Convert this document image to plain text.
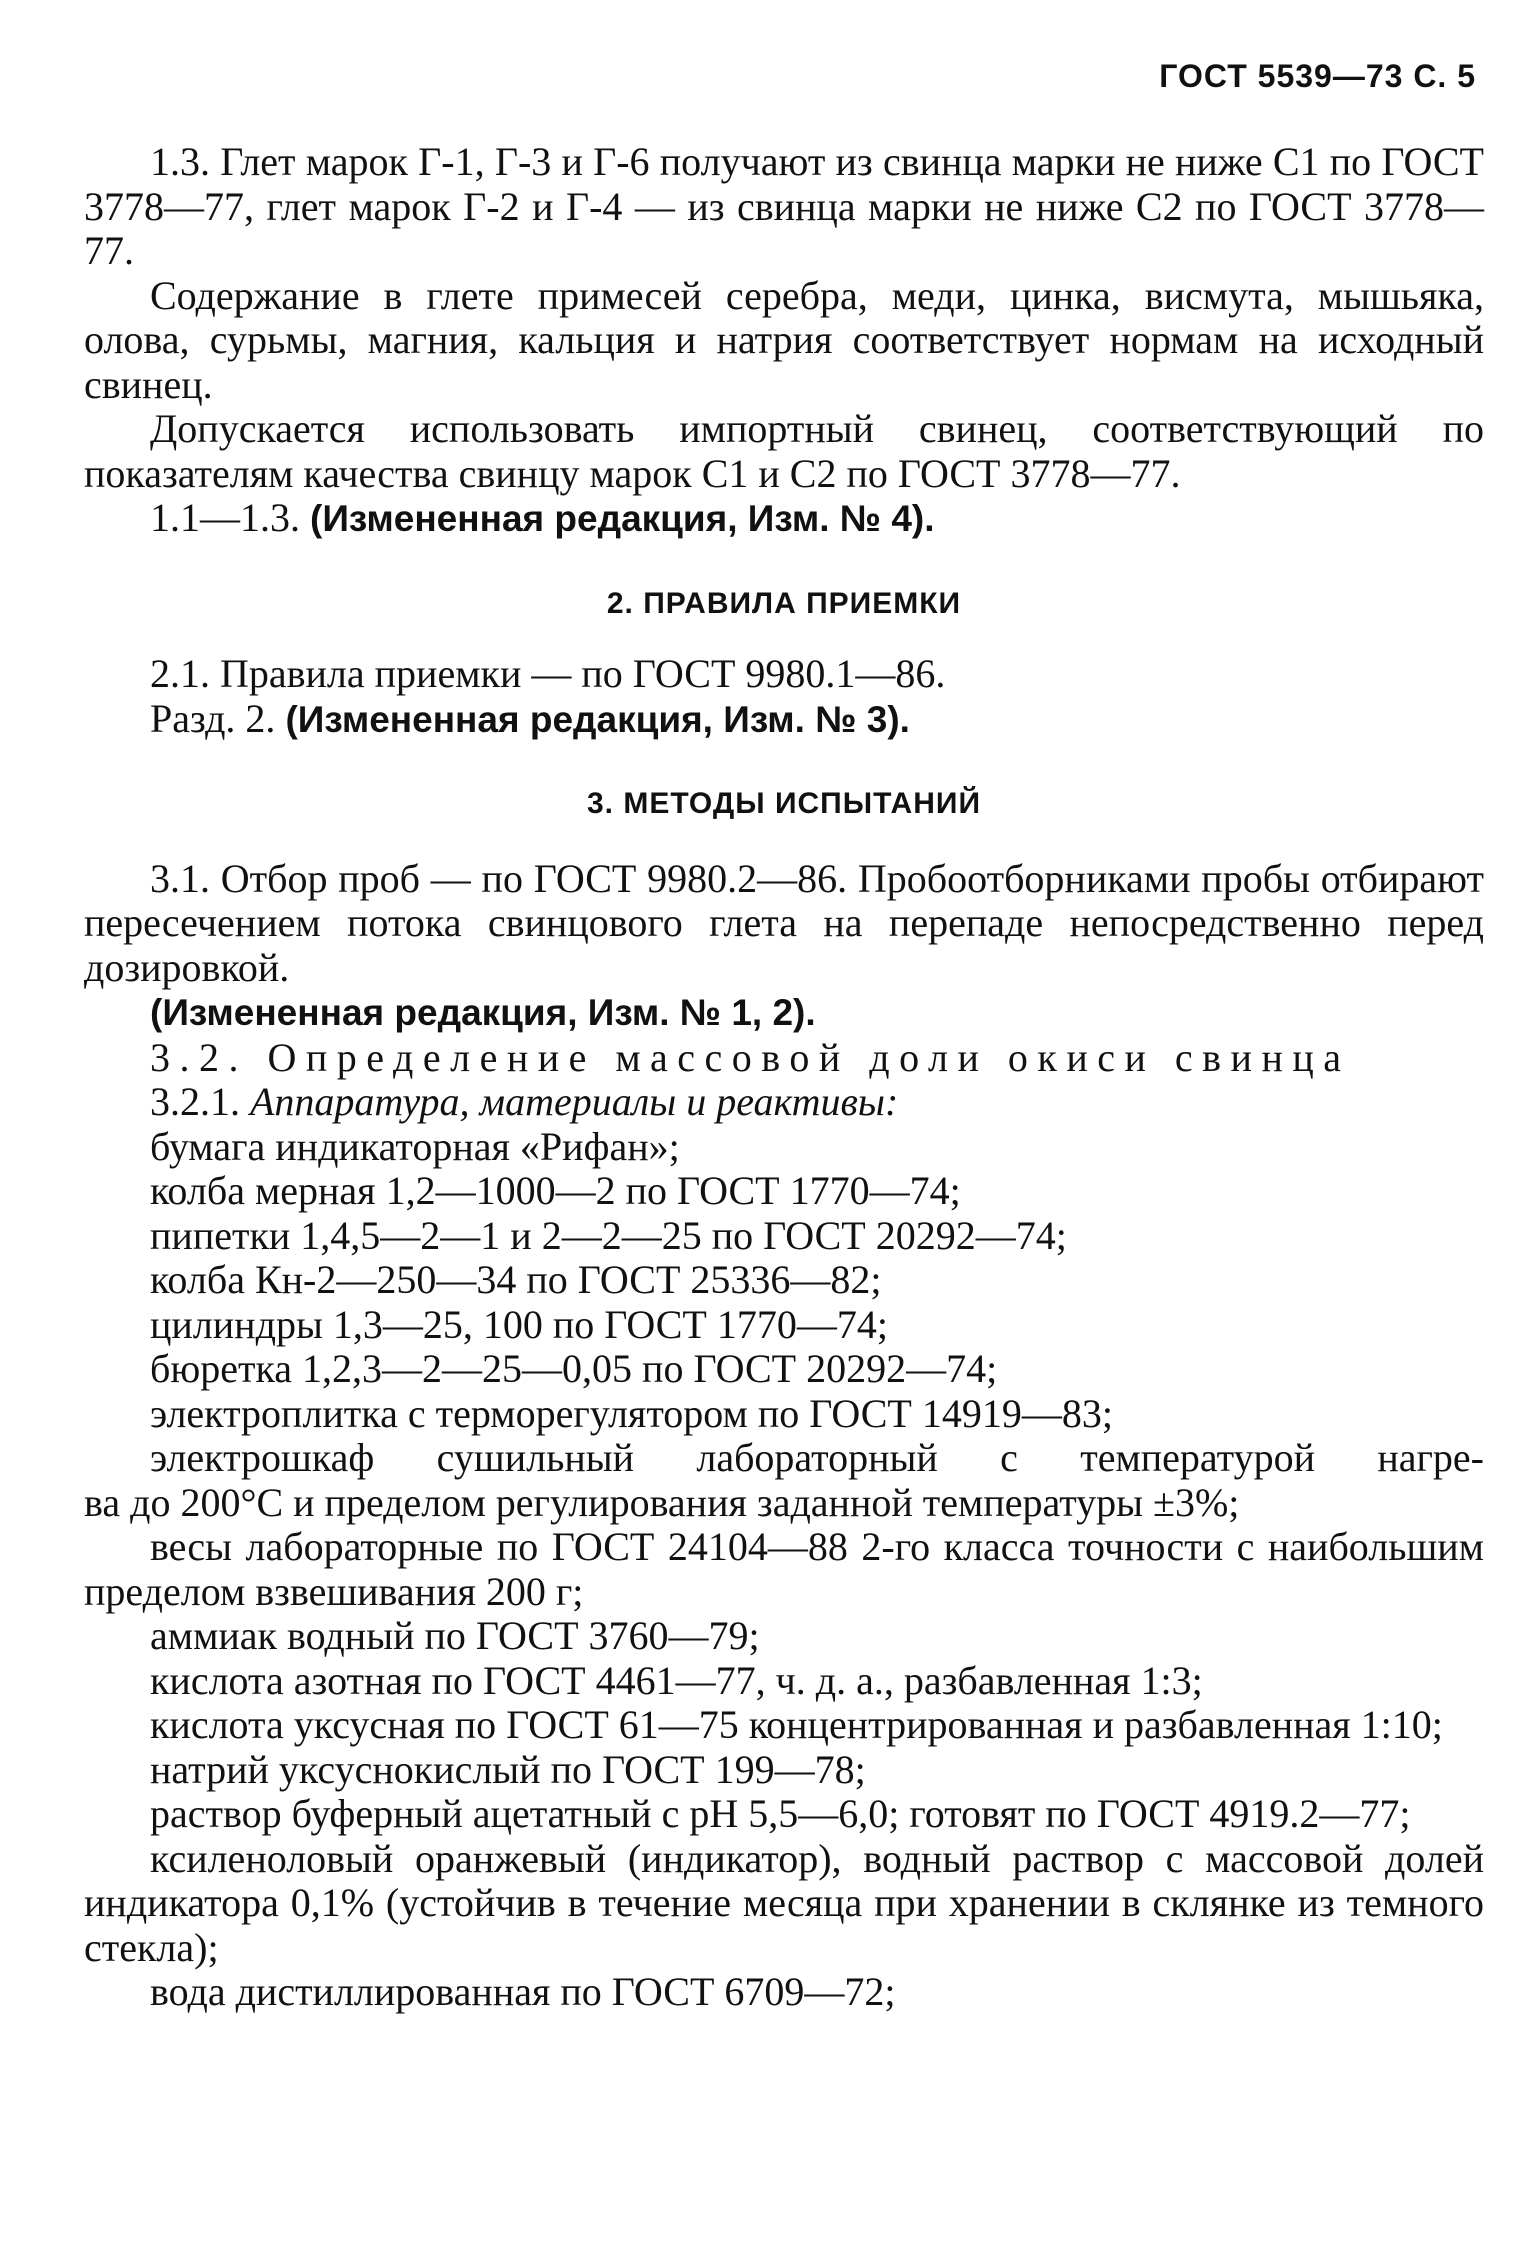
ГОСТ 5539—73 С. 5

1.3. Глет марок Г-1, Г-3 и Г-6 получают из свинца марки не ниже С1 по ГОСТ 3778—77, глет марок Г-2 и Г-4 — из свинца марки не ниже С2 по ГОСТ 3778—77.

Содержание в глете примесей серебра, меди, цинка, висмута, мышьяка, олова, сурьмы, магния, кальция и натрия соответствует нормам на исходный свинец.

Допускается использовать импортный свинец, соответствующий по показателям качества свинцу марок С1 и С2 по ГОСТ 3778—77.

1.1—1.3. (Измененная редакция, Изм. № 4).

2. ПРАВИЛА ПРИЕМКИ

2.1. Правила приемки — по ГОСТ 9980.1—86.

Разд. 2. (Измененная редакция, Изм. № 3).

3. МЕТОДЫ ИСПЫТАНИЙ

3.1. Отбор проб — по ГОСТ 9980.2—86. Пробоотборниками пробы отбирают пересечением потока свинцового глета на перепаде непосредственно перед дозировкой.

(Измененная редакция, Изм. № 1, 2).

3.2. Определение массовой доли окиси свинца

3.2.1. Аппаратура, материалы и реактивы:

бумага индикаторная «Рифан»;

колба мерная 1,2—1000—2 по ГОСТ 1770—74;

пипетки 1,4,5—2—1 и 2—2—25 по ГОСТ 20292—74;

колба Кн-2—250—34 по ГОСТ 25336—82;

цилиндры 1,3—25, 100 по ГОСТ 1770—74;

бюретка 1,2,3—2—25—0,05 по ГОСТ 20292—74;

электроплитка с терморегулятором по ГОСТ 14919—83;

электрошкаф сушильный лабораторный с температурой нагре-

ва до 200°С и пределом регулирования заданной температуры ±3%;

весы лабораторные по ГОСТ 24104—88 2-го класса точности с наибольшим пределом взвешивания 200 г;

аммиак водный по ГОСТ 3760—79;

кислота азотная по ГОСТ 4461—77, ч. д. а., разбавленная 1:3;

кислота уксусная по ГОСТ 61—75 концентрированная и разбавленная 1:10;

натрий уксуснокислый по ГОСТ 199—78;

раствор буферный ацетатный с рН 5,5—6,0; готовят по ГОСТ 4919.2—77;

ксиленоловый оранжевый (индикатор), водный раствор с массовой долей индикатора 0,1% (устойчив в течение месяца при хранении в склянке из темного стекла);

вода дистиллированная по ГОСТ 6709—72;
